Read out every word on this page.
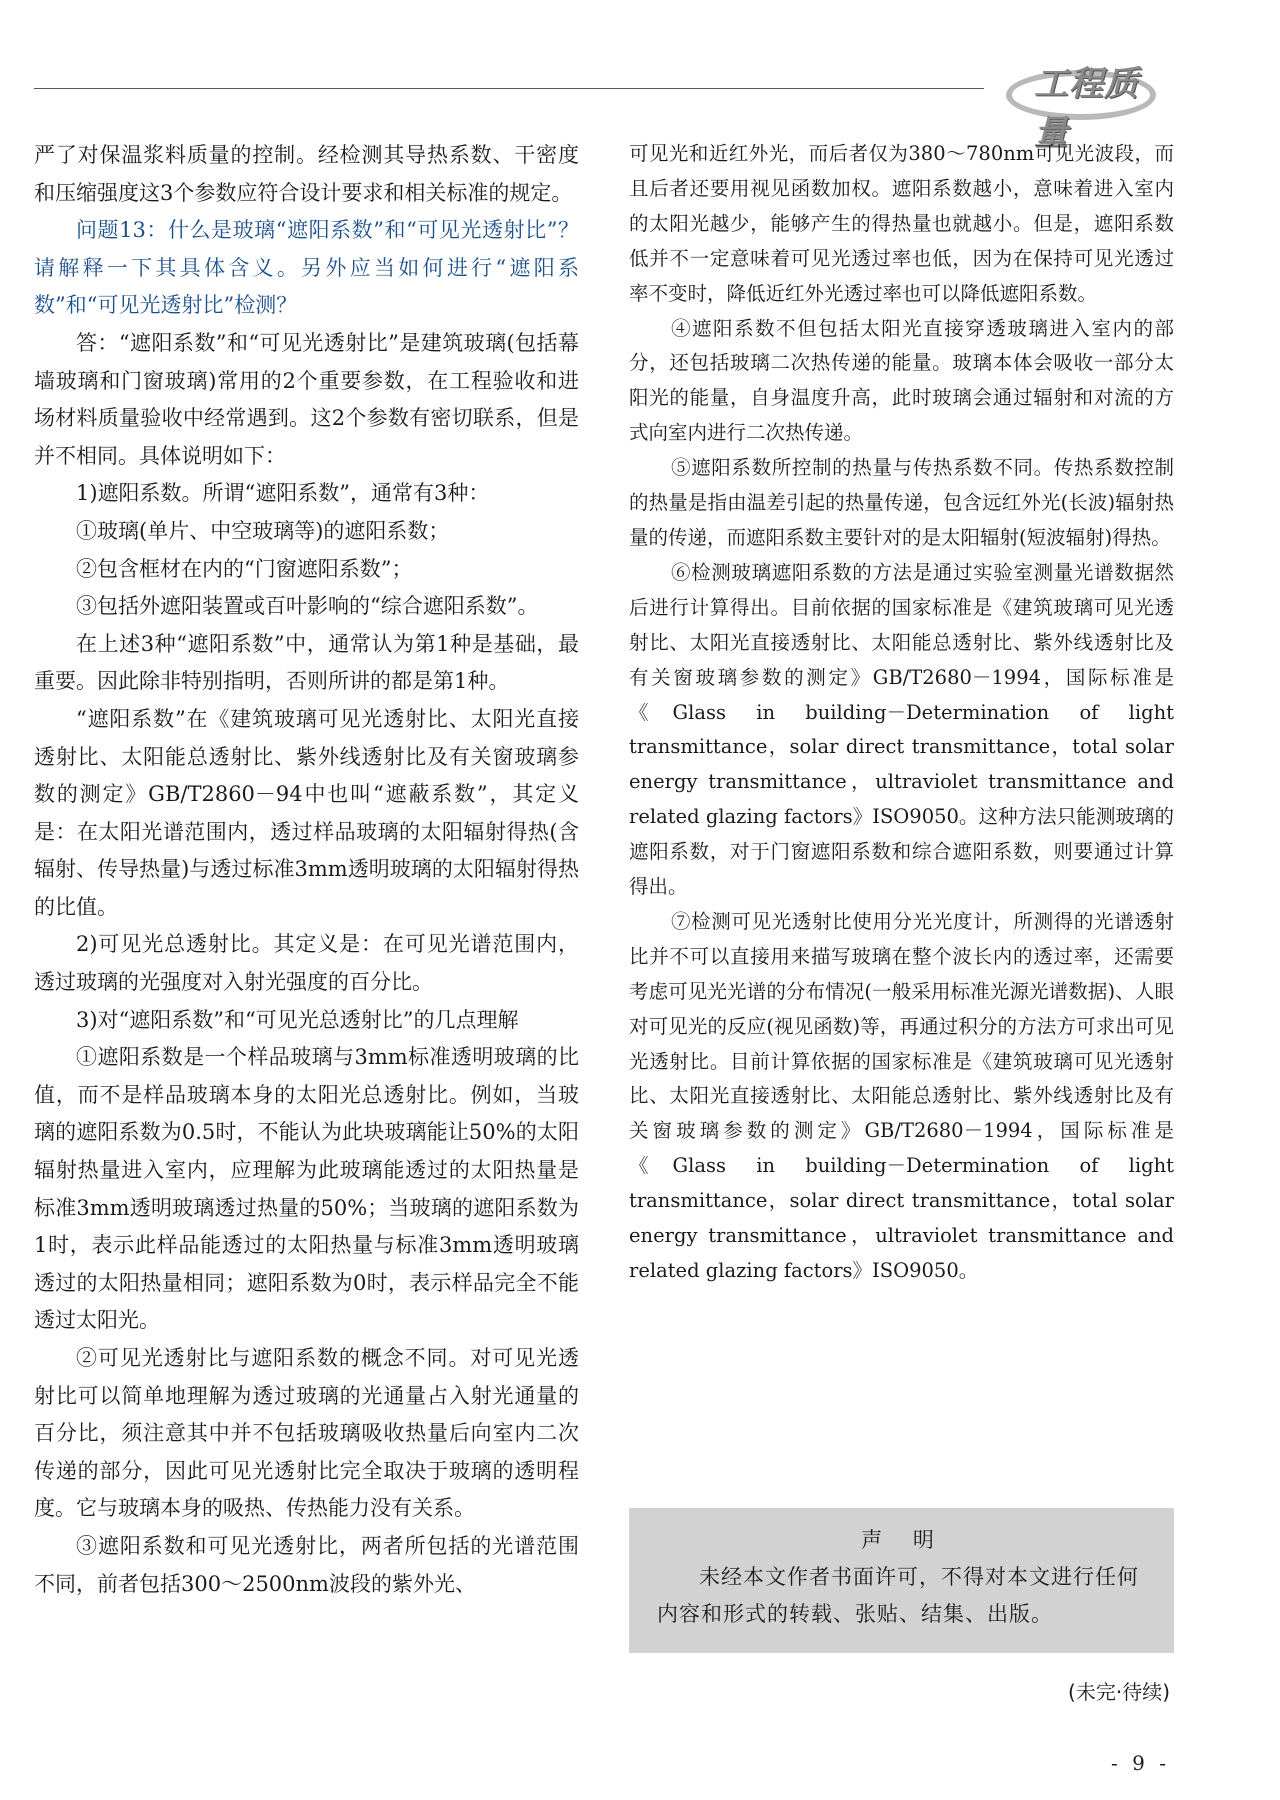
工程质量

严了对保温浆料质量的控制。经检测其导热系数、干密度和压缩强度这3个参数应符合设计要求和相关标准的规定。

问题13：什么是玻璃“遮阳系数”和“可见光透射比”？请解释一下其具体含义。另外应当如何进行“遮阳系数”和“可见光透射比”检测？

答：“遮阳系数”和“可见光透射比”是建筑玻璃(包括幕墙玻璃和门窗玻璃)常用的2个重要参数，在工程验收和进场材料质量验收中经常遇到。这2个参数有密切联系，但是并不相同。具体说明如下：

1)遮阳系数。所谓“遮阳系数”，通常有3种：

①玻璃(单片、中空玻璃等)的遮阳系数；

②包含框材在内的“门窗遮阳系数”；

③包括外遮阳装置或百叶影响的“综合遮阳系数”。

在上述3种“遮阳系数”中，通常认为第1种是基础，最重要。因此除非特别指明，否则所讲的都是第1种。

“遮阳系数”在《建筑玻璃可见光透射比、太阳光直接透射比、太阳能总透射比、紫外线透射比及有关窗玻璃参数的测定》GB/T2860－94中也叫“遮蔽系数”，其定义是：在太阳光谱范围内，透过样品玻璃的太阳辐射得热(含辐射、传导热量)与透过标准3mm透明玻璃的太阳辐射得热的比值。

2)可见光总透射比。其定义是：在可见光谱范围内，透过玻璃的光强度对入射光强度的百分比。

3)对“遮阳系数”和“可见光总透射比”的几点理解

①遮阳系数是一个样品玻璃与3mm标准透明玻璃的比值，而不是样品玻璃本身的太阳光总透射比。例如，当玻璃的遮阳系数为0.5时，不能认为此块玻璃能让50%的太阳辐射热量进入室内，应理解为此玻璃能透过的太阳热量是标准3mm透明玻璃透过热量的50%；当玻璃的遮阳系数为1时，表示此样品能透过的太阳热量与标准3mm透明玻璃透过的太阳热量相同；遮阳系数为0时，表示样品完全不能透过太阳光。

②可见光透射比与遮阳系数的概念不同。对可见光透射比可以简单地理解为透过玻璃的光通量占入射光通量的百分比，须注意其中并不包括玻璃吸收热量后向室内二次传递的部分，因此可见光透射比完全取决于玻璃的透明程度。它与玻璃本身的吸热、传热能力没有关系。

③遮阳系数和可见光透射比，两者所包括的光谱范围不同，前者包括300～2500nm波段的紫外光、

可见光和近红外光，而后者仅为380～780nm可见光波段，而且后者还要用视见函数加权。遮阳系数越小，意味着进入室内的太阳光越少，能够产生的得热量也就越小。但是，遮阳系数低并不一定意味着可见光透过率也低，因为在保持可见光透过率不变时，降低近红外光透过率也可以降低遮阳系数。

④遮阳系数不但包括太阳光直接穿透玻璃进入室内的部分，还包括玻璃二次热传递的能量。玻璃本体会吸收一部分太阳光的能量，自身温度升高，此时玻璃会通过辐射和对流的方式向室内进行二次热传递。

⑤遮阳系数所控制的热量与传热系数不同。传热系数控制的热量是指由温差引起的热量传递，包含远红外光(长波)辐射热量的传递，而遮阳系数主要针对的是太阳辐射(短波辐射)得热。

⑥检测玻璃遮阳系数的方法是通过实验室测量光谱数据然后进行计算得出。目前依据的国家标准是《建筑玻璃可见光透射比、太阳光直接透射比、太阳能总透射比、紫外线透射比及有关窗玻璃参数的测定》GB/T2680－1994，国际标准是《Glass in building－Determination of light transmittance，solar direct transmittance，total solar energy transmittance，ultraviolet transmittance and related glazing factors》ISO9050。这种方法只能测玻璃的遮阳系数，对于门窗遮阳系数和综合遮阳系数，则要通过计算得出。

⑦检测可见光透射比使用分光光度计，所测得的光谱透射比并不可以直接用来描写玻璃在整个波长内的透过率，还需要考虑可见光光谱的分布情况(一般采用标准光源光谱数据)、人眼对可见光的反应(视见函数)等，再通过积分的方法方可求出可见光透射比。目前计算依据的国家标准是《建筑玻璃可见光透射比、太阳光直接透射比、太阳能总透射比、紫外线透射比及有关窗玻璃参数的测定》GB/T2680－1994，国际标准是《Glass in building－Determination of light transmittance，solar direct transmittance，total solar energy transmittance，ultraviolet transmittance and related glazing factors》ISO9050。

声 明
未经本文作者书面许可，不得对本文进行任何内容和形式的转载、张贴、结集、出版。
(未完·待续)
- 9 -
